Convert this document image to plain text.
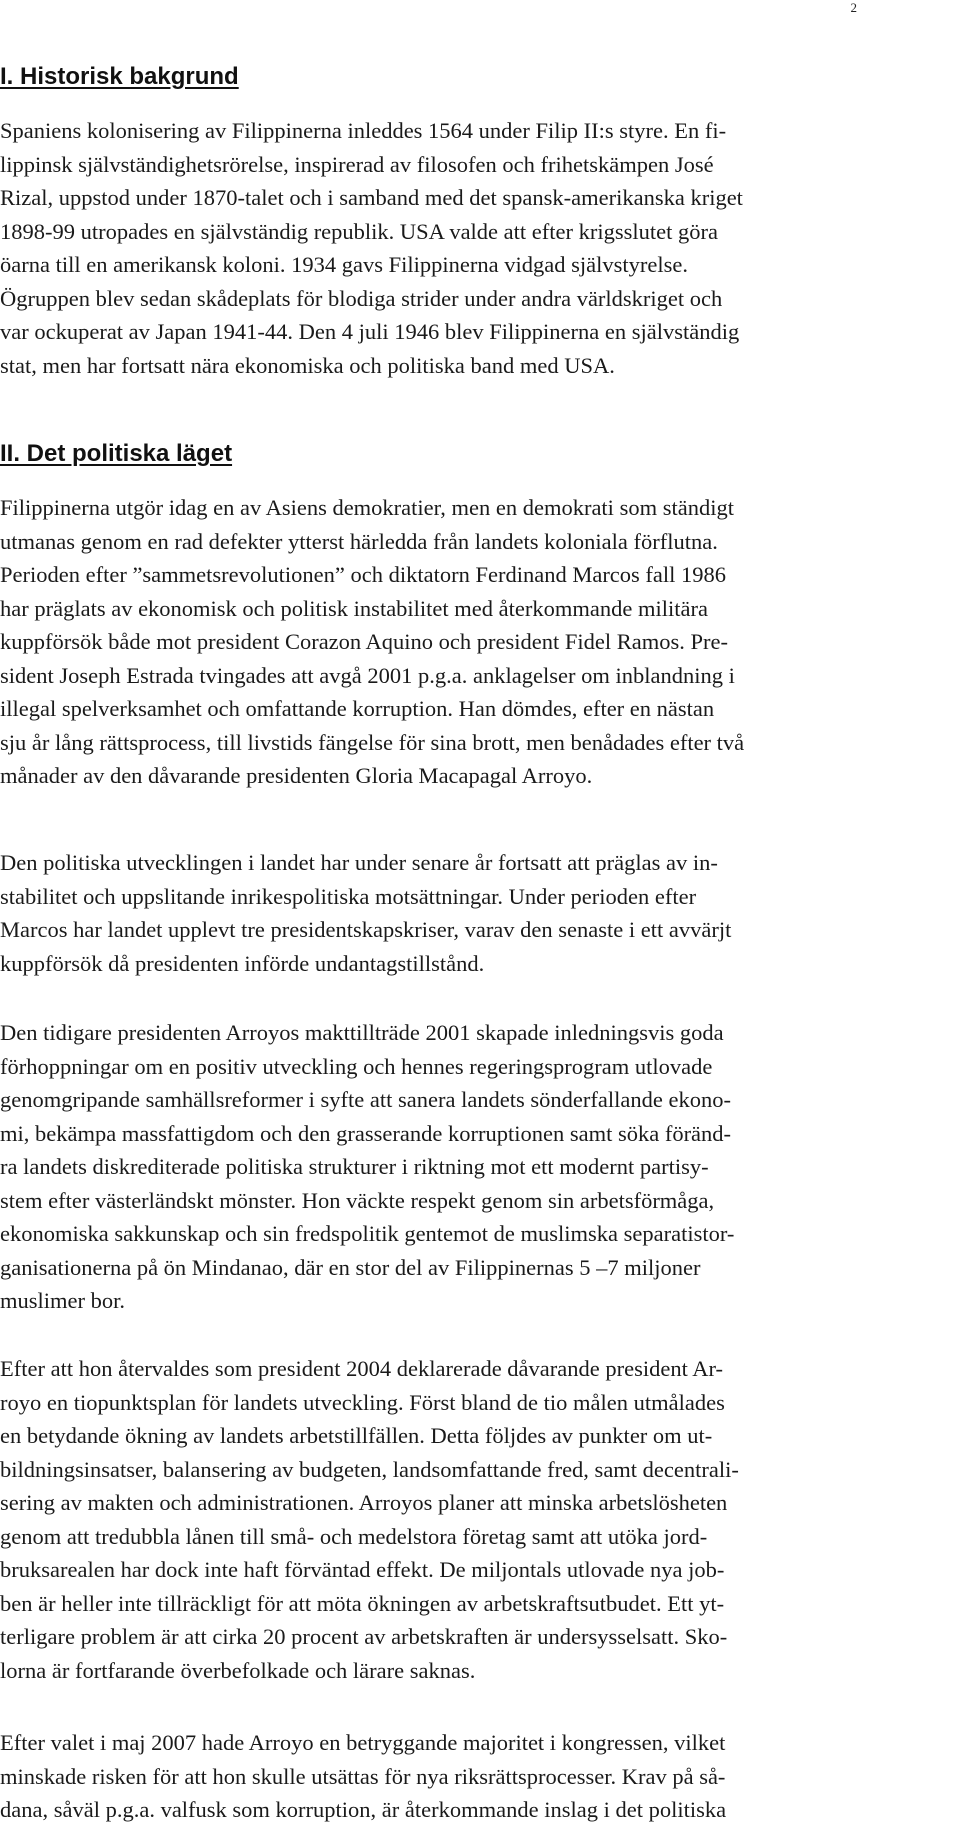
2
I. Historisk bakgrund

Spaniens kolonisering av Filippinerna inleddes 1564 under Filip II:s styre. En fi-
lippinsk självständighetsrörelse, inspirerad av filosofen och frihetskämpen José
Rizal, uppstod under 1870-talet och i samband med det spansk-amerikanska kriget
1898-99 utropades en självständig republik. USA valde att efter krigsslutet göra
öarna till en amerikansk koloni. 1934 gavs Filippinerna vidgad självstyrelse.
Ögruppen blev sedan skådeplats för blodiga strider under andra världskriget och
var ockuperat av Japan 1941-44. Den 4 juli 1946 blev Filippinerna en självständig
stat, men har fortsatt nära ekonomiska och politiska band med USA.

II. Det politiska läget

Filippinerna utgör idag en av Asiens demokratier, men en demokrati som ständigt
utmanas genom en rad defekter ytterst härledda från landets koloniala förflutna.
Perioden efter ”sammetsrevolutionen” och diktatorn Ferdinand Marcos fall 1986
har präglats av ekonomisk och politisk instabilitet med återkommande militära
kuppförsök både mot president Corazon Aquino och president Fidel Ramos. Pre-
sident Joseph Estrada tvingades att avgå 2001 p.g.a. anklagelser om inblandning i
illegal spelverksamhet och omfattande korruption. Han dömdes, efter en nästan
sju år lång rättsprocess, till livstids fängelse för sina brott, men benådades efter två
månader av den dåvarande presidenten Gloria Macapagal Arroyo.

Den politiska utvecklingen i landet har under senare år fortsatt att präglas av in-
stabilitet och uppslitande inrikespolitiska motsättningar. Under perioden efter
Marcos har landet upplevt tre presidentskapskriser, varav den senaste i ett avvärjt
kuppförsök då presidenten införde undantagstillstånd.

Den tidigare presidenten Arroyos makttillträde 2001 skapade inledningsvis goda
förhoppningar om en positiv utveckling och hennes regeringsprogram utlovade
genomgripande samhällsreformer i syfte att sanera landets sönderfallande ekono-
mi, bekämpa massfattigdom och den grasserande korruptionen samt söka föränd-
ra landets diskrediterade politiska strukturer i riktning mot ett modernt partisy-
stem efter västerländskt mönster. Hon väckte respekt genom sin arbetsförmåga,
ekonomiska sakkunskap och sin fredspolitik gentemot de muslimska separatistor-
ganisationerna på ön Mindanao, där en stor del av Filippinernas 5 –7 miljoner
muslimer bor.

Efter att hon återvaldes som president 2004 deklarerade dåvarande president Ar-
royo en tiopunktsplan för landets utveckling. Först bland de tio målen utmålades
en betydande ökning av landets arbetstillfällen. Detta följdes av punkter om ut-
bildningsinsatser, balansering av budgeten, landsomfattande fred, samt decentrali-
sering av makten och administrationen. Arroyos planer att minska arbetslösheten
genom att tredubbla lånen till små- och medelstora företag samt att utöka jord-
bruksarealen har dock inte haft förväntad effekt. De miljontals utlovade nya job-
ben är heller inte tillräckligt för att möta ökningen av arbetskraftsutbudet. Ett yt-
terligare problem är att cirka 20 procent av arbetskraften är undersysselsatt. Sko-
lorna är fortfarande överbefolkade och lärare saknas.

Efter valet i maj 2007 hade Arroyo en betryggande majoritet i kongressen, vilket
minskade risken för att hon skulle utsättas för nya riksrättsprocesser. Krav på så-
dana, såväl p.g.a. valfusk som korruption, är återkommande inslag i det politiska
